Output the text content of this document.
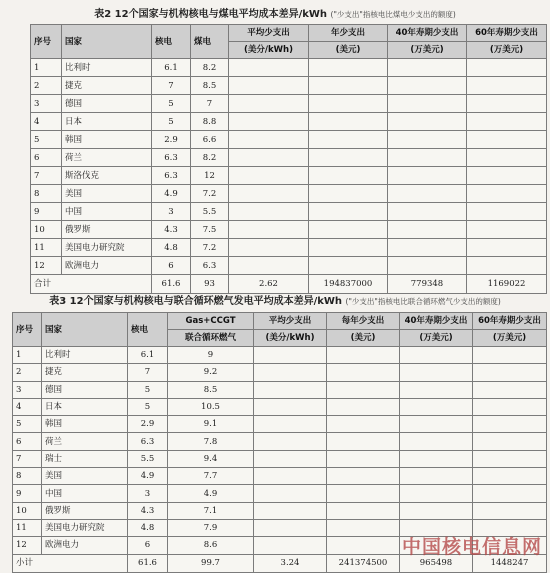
表2 12个国家与机构核电与煤电平均成本差异/kWh ("少支出"指核电比煤电少支出的额度)
序号	国家	核电	煤电	平均少支出	年少支出	40年寿期少支出	60年寿期少支出
				(美分/kWh)	(美元)	(万美元)	(万美元)
1	比利时	6.1	8.2				
2	捷克	7	8.5				
3	德国	5	7				
4	日本	5	8.8				
5	韩国	2.9	6.6				
6	荷兰	6.3	8.2				
7	斯洛伐克	6.3	12				
8	美国	4.9	7.2				
9	中国	3	5.5				
10	俄罗斯	4.3	7.5				
11	美国电力研究院	4.8	7.2				
12	欧洲电力	6	6.3				
合计		61.6	93	2.62	194837000	779348	1169022
表3 12个国家与机构核电与联合循环燃气发电平均成本差异/kWh ("少支出"指核电比联合循环燃气少支出的额度)
序号	国家	核电	Gas+CCGT	平均少支出	每年少支出	40年寿期少支出	60年寿期少支出
			联合循环燃气	(美分/kWh)	(美元)	(万美元)	(万美元)
1	比利时	6.1	9				
2	捷克	7	9.2				
3	德国	5	8.5				
4	日本	5	10.5				
5	韩国	2.9	9.1				
6	荷兰	6.3	7.8				
7	瑞士	5.5	9.4				
8	美国	4.9	7.7				
9	中国	3	4.9				
10	俄罗斯	4.3	7.1				
11	美国电力研究院	4.8	7.9				
12	欧洲电力	6	8.6				
小计		61.6	99.7	3.24	241374500	965498	1448247
中国核电信息网
